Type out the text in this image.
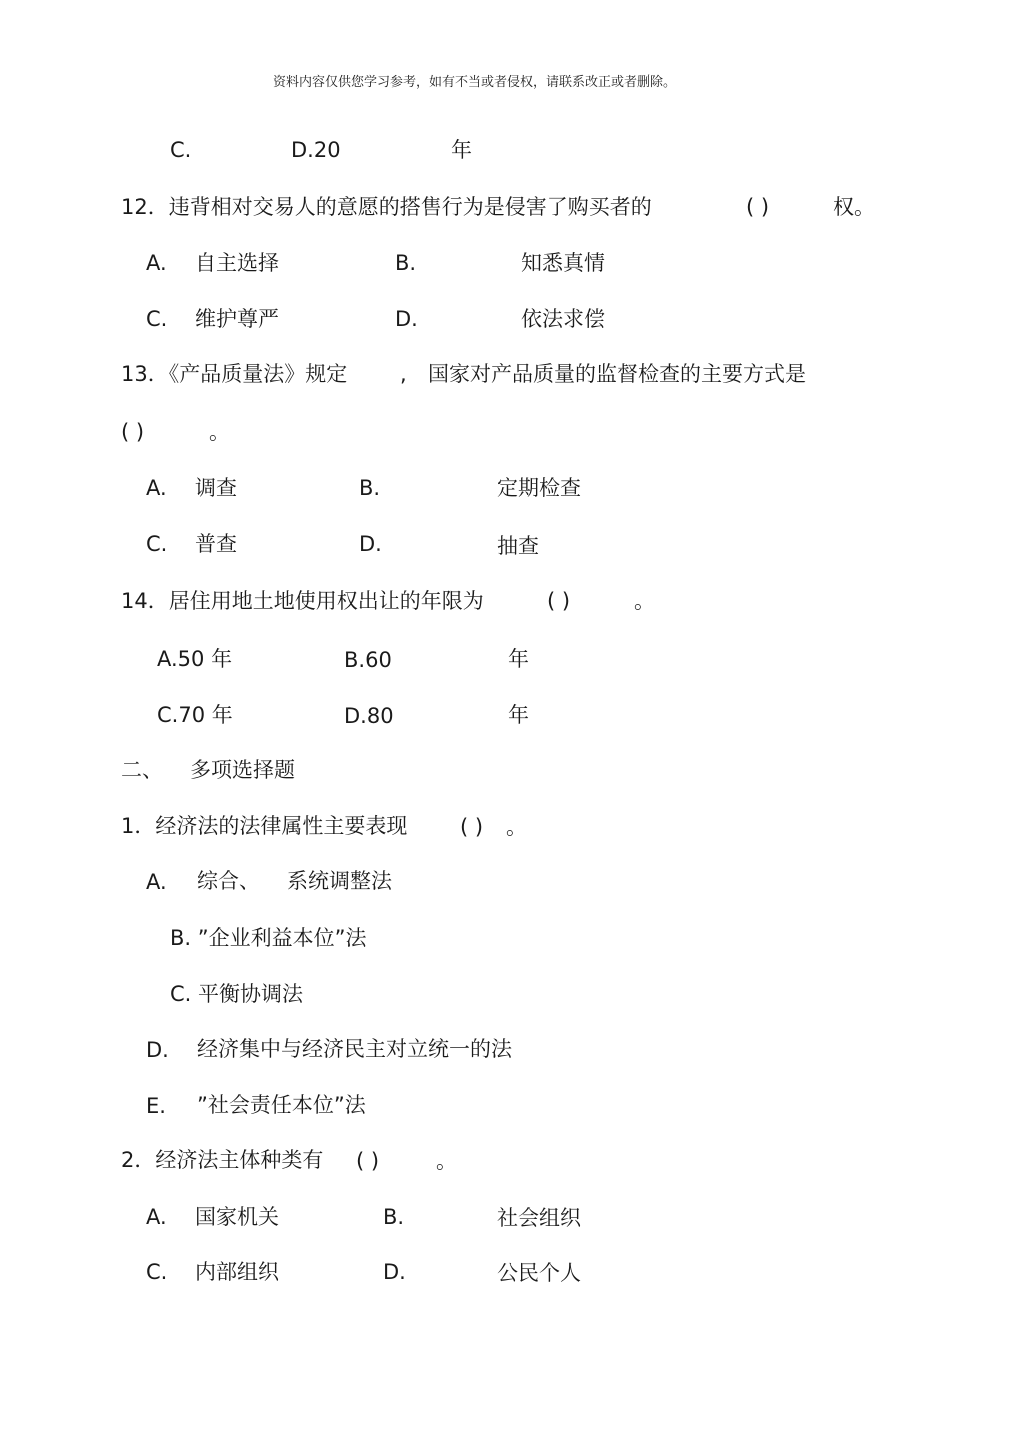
资料内容仅供您学习参考，如有不当或者侵权，请联系改正或者删除。
C.	D.20	年
12．违背相对交易人的意愿的搭售行为是侵害了购买者的	( )	权。
A. 自主选择	B.	知悉真情
C. 维护尊严	D.	依法求偿
13．《产品质量法》规定	, 国家对产品质量的监督检查的主要方式是
( )	。
A. 调查	B.	定期检查
C. 普查	D.	抽查
14．居住用地土地使用权出让的年限为	( )	。
A.50 年	B.60	年
C.70 年	D.80	年
二、 多项选择题
1．经济法的法律属性主要表现	( ) 。
A. 综合、 系统调整法
B. ”企业利益本位”法
C. 平衡协调法
D. 经济集中与经济民主对立统一的法
E. ”社会责任本位”法
2．经济法主体种类有 ( )	。
A. 国家机关	B.	社会组织
C. 内部组织	D.	公民个人
